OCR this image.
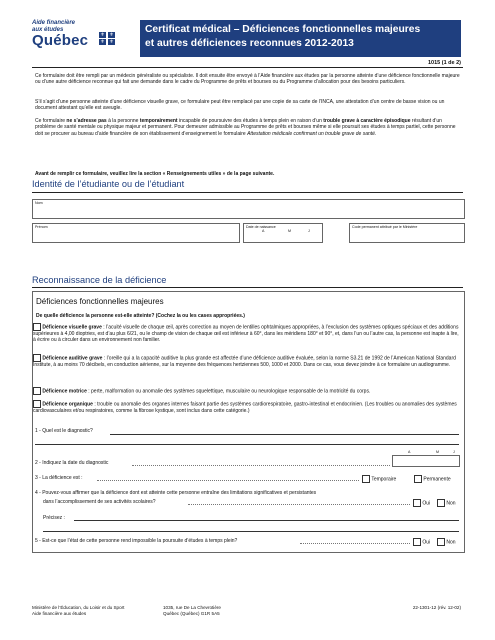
Aide financière
aux études
Québec ⚜ ⚜
⚜ ⚜
Certificat médical – Déficiences fonctionnelles majeures
et autres déficiences reconnues 2012-2013
1015 (1 de 2)
Ce formulaire doit être rempli par un médecin généraliste ou spécialiste. Il doit ensuite être envoyé à l’Aide financière aux études par la personne atteinte d’une déficience fonctionnelle majeure ou d’une autre déficience reconnue qui fait une demande dans le cadre du Programme de prêts et bourses ou du Programme d’allocation pour des besoins particuliers.
S’il s’agit d’une personne atteinte d’une déficience visuelle grave, ce formulaire peut être remplacé par une copie de sa carte de l’INCA, une attestation d’un centre de basse vision ou un document attestant qu’elle est aveugle.
Ce formulaire ne s’adresse pas à la personne temporairement incapable de poursuivre des études à temps plein en raison d’un trouble grave à caractère épisodique résultant d’un problème de santé mentale ou physique majeur et permanent. Pour demeurer admissible au Programme de prêts et bourses même si elle poursuit ses études à temps partiel, cette personne doit se procurer au bureau d’aide financière de son établissement d’enseignement le formulaire Attestation médicale confirmant un trouble grave de santé.
Avant de remplir ce formulaire, veuillez lire la section « Renseignements utiles » de la page suivante.
Identité de l’étudiante ou de l’étudiant
Nom
Prénom	Date de naissance
A	M	J
Code permanent attribué par le Ministère
Reconnaissance de la déficience
Déficiences fonctionnelles majeures
De quelle déficience la personne est-elle atteinte? (Cochez la ou les cases appropriées.)
Déficience visuelle grave : l’acuité visuelle de chaque œil, après correction au moyen de lentilles ophtalmiques appropriées, à l’exclusion des systèmes optiques spéciaux et des additions supérieures à 4,00 dioptries, est d’au plus 6/21, ou le champ de vision de chaque œil est inférieur à 60°, dans les méridiens 180° et 90°, et, dans l’un ou l’autre cas, la personne est inapte à lire, à écrire ou à circuler dans un environnement non familier.
Déficience auditive grave : l’oreille qui a la capacité auditive la plus grande est affectée d’une déficience auditive évaluée, selon la norme S3.21 de 1992 de l’American National Standard Institute, à au moins 70 décibels, en conduction aérienne, sur la moyenne des fréquences hertziennes 500, 1000 et 2000. Dans ce cas, vous devez joindre à ce formulaire un audiogramme.
Déficience motrice : perte, malformation ou anomalie des systèmes squelettique, musculaire ou neurologique responsable de la motricité du corps.
Déficience organique : trouble ou anomalie des organes internes faisant partie des systèmes cardiorespiratoire, gastro-intestinal et endocrinien. (Les troubles ou anomalies des systèmes cardiovasculaires et/ou respiratoires, comme la fibrose kystique, sont inclus dans cette catégorie.)
1 - Quel est le diagnostic?
A	M	J
2 - Indiquez la date du diagnostic
3 - La déficience est :	Temporaire	Permanente
4 - Pouvez-vous affirmer que la déficience dont est atteinte cette personne entraîne des limitations significatives et persistantes
dans l’accomplissement de ses activités scolaires?	Oui	Non
Précisez :
5 - Est-ce que l’état de cette personne rend impossible la poursuite d’études à temps plein?	Oui	Non
Ministère de l’Éducation, du Loisir et du Sport
Aide financière aux études
1035, rue De La Chevrotière
Québec (Québec) G1R 5A5
22-1301-12 (rév. 12-02)
